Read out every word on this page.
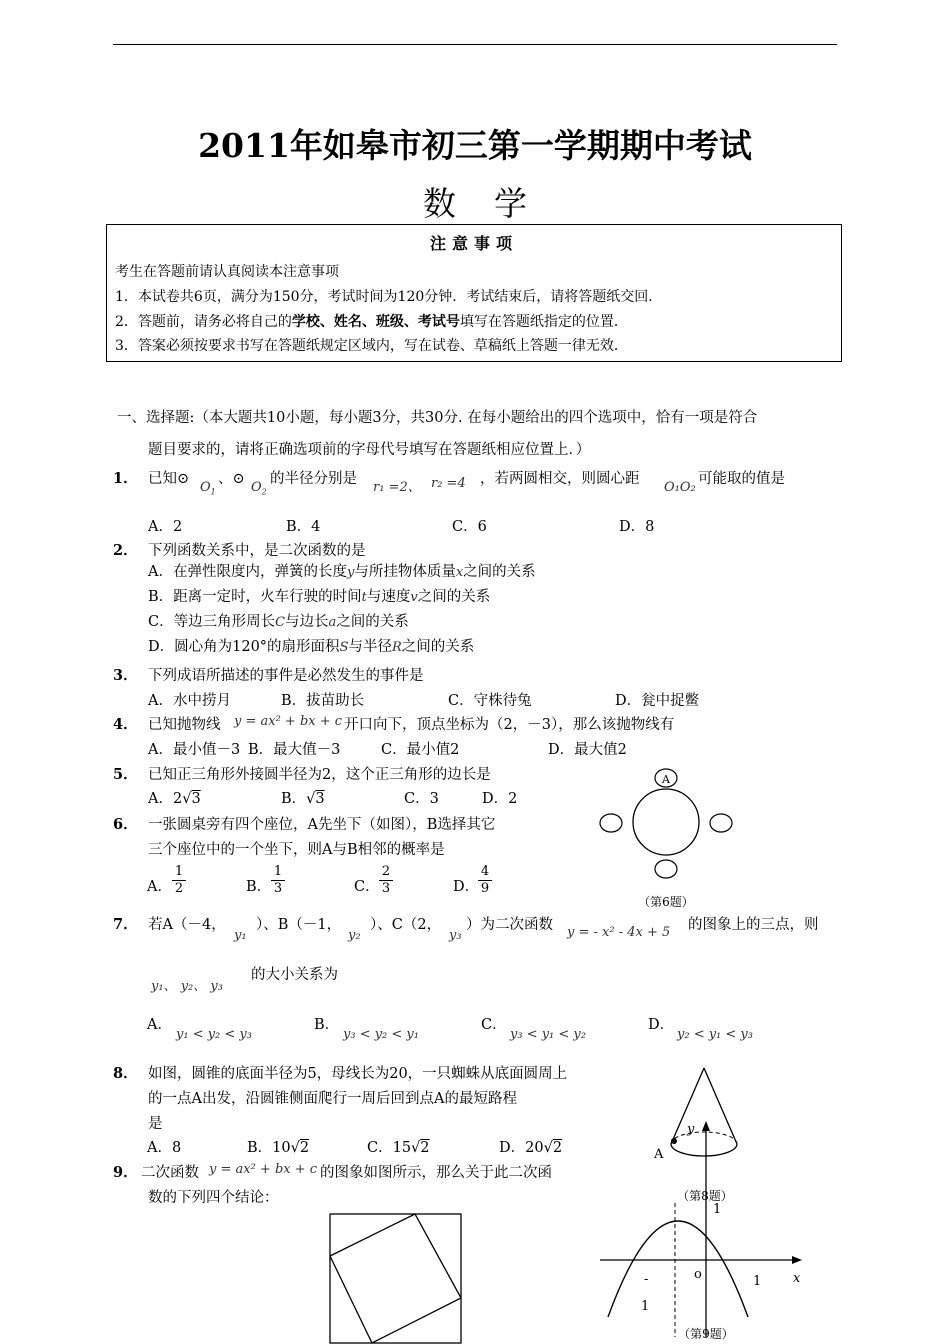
2011年如皋市初三第一学期期中考试
数学
注意事项
考生在答题前请认真阅读本注意事项
1．本试卷共6页，满分为150分，考试时间为120分钟．考试结束后，请将答题纸交回．
2．答题前，请务必将自己的学校、姓名、班级、考试号填写在答题纸指定的位置．
3．答案必须按要求书写在答题纸规定区域内，写在试卷、草稿纸上答题一律无效．
一、选择题:（本大题共10小题，每小题3分，共30分. 在每小题给出的四个选项中，恰有一项是符合
题目要求的，请将正确选项前的字母代号填写在答题纸相应位置上．）
1． 已知⊙
$O_1$
、⊙
$O_2$
的半径分别是
r₁ =2、 r₂ =4 ，若两圆相交，则圆心距
O₁O₂
可能取的值是
A．2	B．4	C．6	D．8
2． 下列函数关系中，是二次函数的是
A．在弹性限度内，弹簧的长度y与所挂物体质量x之间的关系
B．距离一定时，火车行驶的时间t与速度v之间的关系
C．等边三角形周长C与边长a之间的关系
D．圆心角为120°的扇形面积S与半径R之间的关系
3． 下列成语所描述的事件是必然发生的事件是
A．水中捞月	B．拔苗助长	C．守株待兔	D．瓮中捉鳖
4． 已知抛物线 y = ax² + bx + c 开口向下，顶点坐标为（2，－3），那么该抛物线有
A．最小值－3 B．最大值－3	C．最小值2	D．最大值2
5． 已知正三角形外接圆半径为2，这个正三角形的边长是
A．2√3	B．√3	C．3	D．2
6． 一张圆桌旁有四个座位，A先坐下（如图），B选择其它
三个座位中的一个坐下，则A与B相邻的概率是
A． $\frac{1}{2}$	B． $\frac{1}{3}$	C． $\frac{2}{3}$	D．
$\frac{4}{9}$
A
（第6题）
7． 若A（－4，
y₁
）、B（－1，
y₂
）、C（2，
y₃
）为二次函数 y = - x² - 4x + 5 的图象上的三点，则
y₁、 y₂、 y₃
的大小关系为
A．
y₁ < y₂ < y₃
B．
y₃ < y₂ < y₁
C．
y₃ < y₁ < y₂
D．
y₂ < y₁ < y₃
8． 如图，圆锥的底面半径为5，母线长为20，一只蜘蛛从底面圆周上
的一点A出发，沿圆锥侧面爬行一周后回到点A的最短路程
是
A．8	B．10√2	C．15√2	D．20√2
9． 二次函数 y = ax² + bx + c 的图象如图所示，那么关于此二次函
数的下列四个结论：
A
（第8题）
y
x
o	1
-
1
1
（第9题）
